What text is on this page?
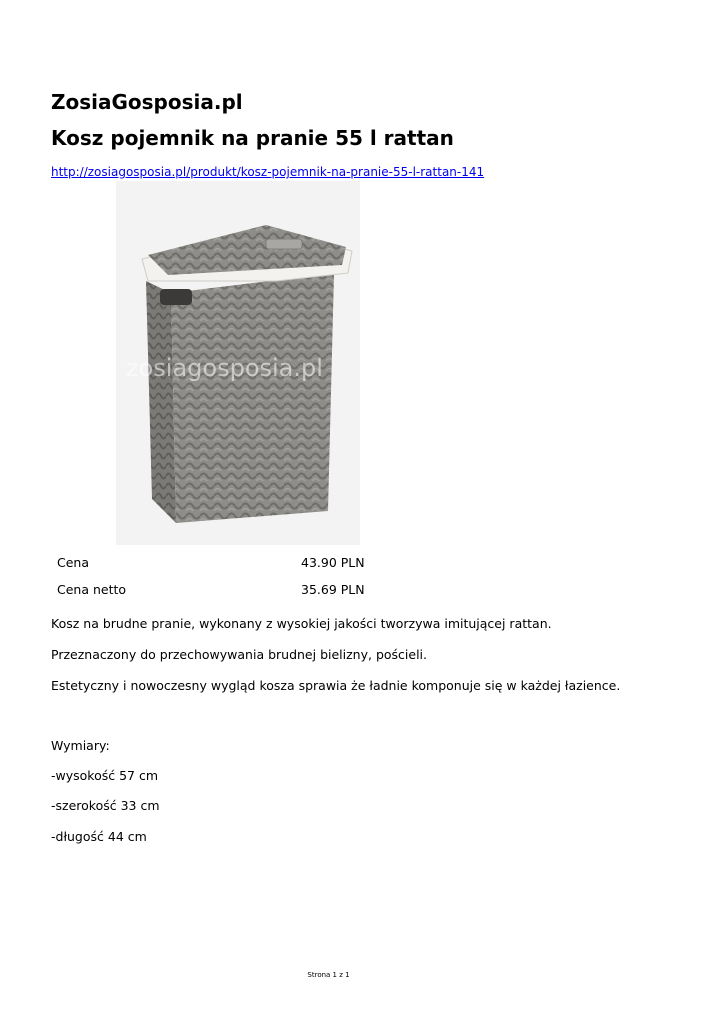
ZosiaGosposia.pl
Kosz pojemnik na pranie 55 l rattan
http://zosiagosposia.pl/produkt/kosz-pojemnik-na-pranie-55-l-rattan-141
zosiagosposia.pl
Cena	43.90 PLN
Cena netto	35.69 PLN

Kosz na brudne pranie, wykonany z wysokiej jakości tworzywa imitującej rattan.

Przeznaczony do przechowywania brudnej bielizny, pościeli.

Estetyczny i nowoczesny wygląd kosza sprawia że ładnie komponuje się w każdej łazience.

Wymiary:

-wysokość 57 cm

-szerokość 33 cm

-długość 44 cm

Strona 1 z 1
